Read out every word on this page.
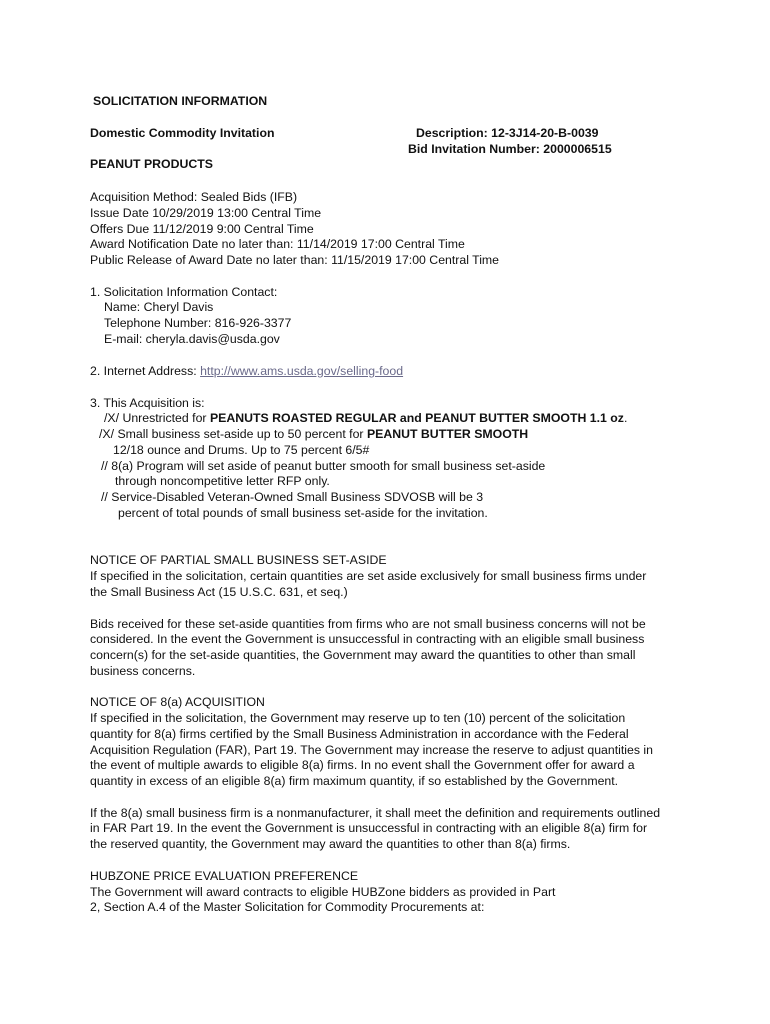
SOLICITATION INFORMATION
Domestic Commodity Invitation	Description: 12-3J14-20-B-0039
Bid Invitation Number: 2000006515
PEANUT PRODUCTS
Acquisition Method: Sealed Bids (IFB)
Issue Date 10/29/2019 13:00 Central Time
Offers Due 11/12/2019 9:00 Central Time
Award Notification Date no later than: 11/14/2019 17:00 Central Time
Public Release of Award Date no later than: 11/15/2019 17:00 Central Time
1. Solicitation Information Contact:
Name: Cheryl Davis
Telephone Number: 816-926-3377
E-mail: cheryla.davis@usda.gov
2. Internet Address: http://www.ams.usda.gov/selling-food
3. This Acquisition is:
/X/ Unrestricted for PEANUTS ROASTED REGULAR and PEANUT BUTTER SMOOTH 1.1 oz.
/X/ Small business set-aside up to 50 percent for PEANUT BUTTER SMOOTH
12/18 ounce and Drums. Up to 75 percent 6/5#
// 8(a) Program will set aside of peanut butter smooth for small business set-aside
through noncompetitive letter RFP only.
// Service-Disabled Veteran-Owned Small Business SDVOSB will be 3
percent of total pounds of small business set-aside for the invitation.
NOTICE OF PARTIAL SMALL BUSINESS SET-ASIDE
If specified in the solicitation, certain quantities are set aside exclusively for small business firms under
the Small Business Act (15 U.S.C. 631, et seq.)
Bids received for these set-aside quantities from firms who are not small business concerns will not be
considered. In the event the Government is unsuccessful in contracting with an eligible small business
concern(s) for the set-aside quantities, the Government may award the quantities to other than small
business concerns.
NOTICE OF 8(a) ACQUISITION
If specified in the solicitation, the Government may reserve up to ten (10) percent of the solicitation
quantity for 8(a) firms certified by the Small Business Administration in accordance with the Federal
Acquisition Regulation (FAR), Part 19. The Government may increase the reserve to adjust quantities in
the event of multiple awards to eligible 8(a) firms. In no event shall the Government offer for award a
quantity in excess of an eligible 8(a) firm maximum quantity, if so established by the Government.
If the 8(a) small business firm is a nonmanufacturer, it shall meet the definition and requirements outlined
in FAR Part 19. In the event the Government is unsuccessful in contracting with an eligible 8(a) firm for
the reserved quantity, the Government may award the quantities to other than 8(a) firms.
HUBZONE PRICE EVALUATION PREFERENCE
The Government will award contracts to eligible HUBZone bidders as provided in Part
2, Section A.4 of the Master Solicitation for Commodity Procurements at:
